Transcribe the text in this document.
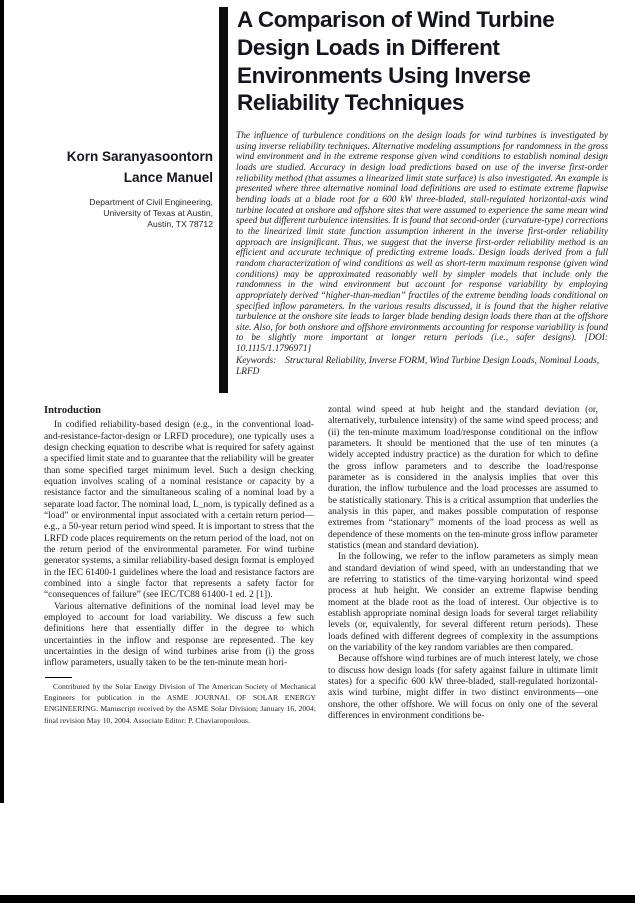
A Comparison of Wind Turbine
Design Loads in Different
Environments Using Inverse
Reliability Techniques
Korn Saranyasoontorn
Lance Manuel
Department of Civil Engineering,
University of Texas at Austin,
Austin, TX 78712
The influence of turbulence conditions on the design loads for wind turbines is investigated by using inverse reliability techniques. Alternative modeling assumptions for randomness in the gross wind environment and in the extreme response given wind conditions to establish nominal design loads are studied. Accuracy in design load predictions based on use of the inverse first-order reliability method (that assumes a linearized limit state surface) is also investigated. An example is presented where three alternative nominal load definitions are used to estimate extreme flapwise bending loads at a blade root for a 600 kW three-bladed, stall-regulated horizontal-axis wind turbine located at onshore and offshore sites that were assumed to experience the same mean wind speed but different turbulence intensities. It is found that second-order (curvature-type) corrections to the linearized limit state function assumption inherent in the inverse first-order reliability approach are insignificant. Thus, we suggest that the inverse first-order reliability method is an efficient and accurate technique of predicting extreme loads. Design loads derived from a full random characterization of wind conditions as well as short-term maximum response (given wind conditions) may be approximated reasonably well by simpler models that include only the randomness in the wind environment but account for response variability by employing appropriately derived “higher-than-median” fractiles of the extreme bending loads conditional on specified inflow parameters. In the various results discussed, it is found that the higher relative turbulence at the onshore site leads to larger blade bending design loads there than at the offshore site. Also, for both onshore and offshore environments accounting for response variability is found to be slightly more important at longer return periods (i.e., safer designs). [DOI: 10.1115/1.1796971]
Keywords: Structural Reliability, Inverse FORM, Wind Turbine Design Loads, Nominal Loads, LRFD
Introduction

In codified reliability-based design (e.g., in the conventional load-and-resistance-factor-design or LRFD procedure), one typically uses a design checking equation to describe what is required for safety against a specified limit state and to guarantee that the reliability will be greater than some specified target minimum level. Such a design checking equation involves scaling of a nominal resistance or capacity by a resistance factor and the simultaneous scaling of a nominal load by a separate load factor. The nominal load, L_nom, is typically defined as a “load” or environmental input associated with a certain return period—e.g., a 50-year return period wind speed. It is important to stress that the LRFD code places requirements on the return period of the load, not on the return period of the environmental parameter. For wind turbine generator systems, a similar reliability-based design format is employed in the IEC 61400-1 guidelines where the load and resistance factors are combined into a single factor that represents a safety factor for “consequences of failure” (see IEC/TC88 61400-1 ed. 2 [1]).

Various alternative definitions of the nominal load level may be employed to account for load variability. We discuss a few such definitions here that essentially differ in the degree to which uncertainties in the inflow and response are represented. The key uncertainties in the design of wind turbines arise from (i) the gross inflow parameters, usually taken to be the ten-minute mean hori-

zontal wind speed at hub height and the standard deviation (or, alternatively, turbulence intensity) of the same wind speed process; and (ii) the ten-minute maximum load/response conditional on the inflow parameters. It should be mentioned that the use of ten minutes (a widely accepted industry practice) as the duration for which to define the gross inflow parameters and to describe the load/response parameter as is considered in the analysis implies that over this duration, the inflow turbulence and the load processes are assumed to be statistically stationary. This is a critical assumption that underlies the analysis in this paper, and makes possible computation of response extremes from “stationary” moments of the load process as well as dependence of these moments on the ten-minute gross inflow parameter statistics (mean and standard deviation).

In the following, we refer to the inflow parameters as simply mean and standard deviation of wind speed, with an understanding that we are referring to statistics of the time-varying horizontal wind speed process at hub height. We consider an extreme flapwise bending moment at the blade root as the load of interest. Our objective is to establish appropriate nominal design loads for several target reliability levels (or, equivalently, for several different return periods). These loads defined with different degrees of complexity in the assumptions on the variability of the key random variables are then compared.

Because offshore wind turbines are of much interest lately, we chose to discuss how design loads (for safety against failure in ultimate limit states) for a specific 600 kW three-bladed, stall-regulated horizontal-axis wind turbine, might differ in two distinct environments—one onshore, the other offshore. We will focus on only one of the several differences in environment conditions be-

Contributed by the Solar Energy Division of The American Society of Mechanical Engineers for publication in the ASME JOURNAL OF SOLAR ENERGY ENGINEERING. Manuscript received by the ASME Solar Division; January 16, 2004; final revision May 10, 2004. Associate Editor: P. Chaviaropoulous.
